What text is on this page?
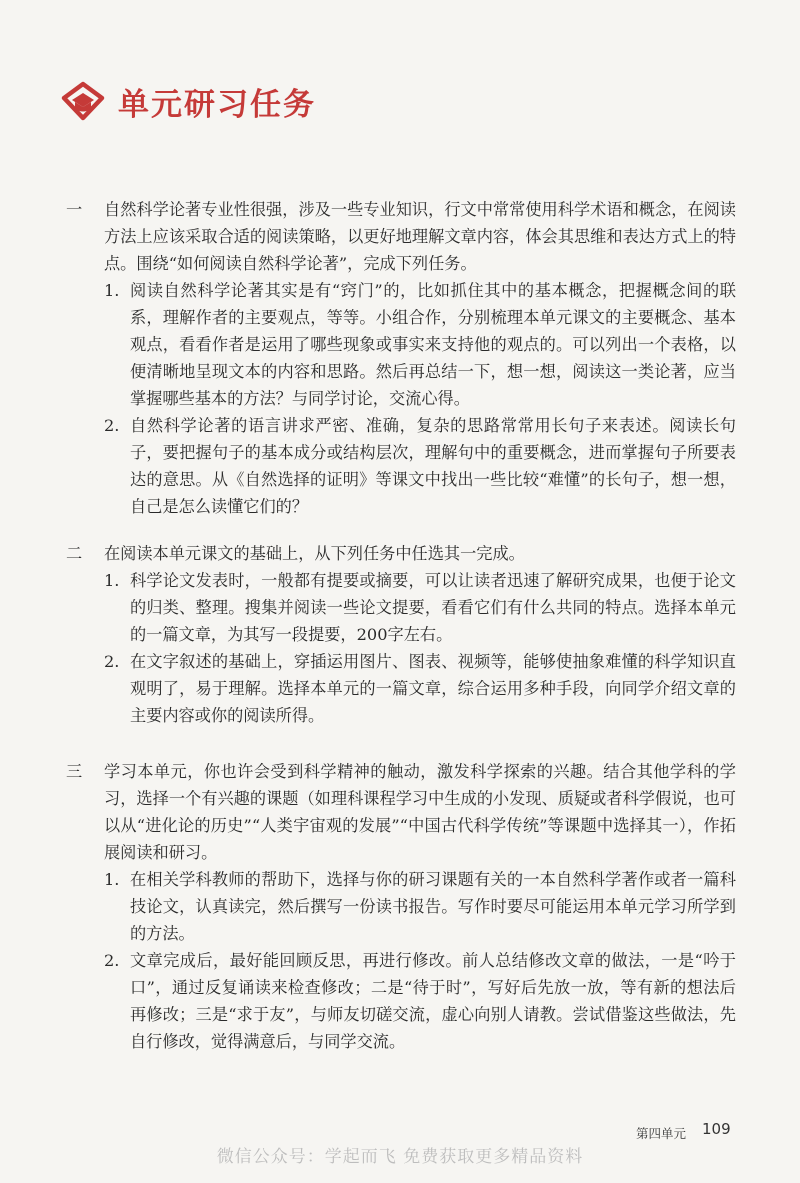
单元研习任务
一	自然科学论著专业性很强，涉及一些专业知识，行文中常常使用科学术语和概念，在阅读方法上应该采取合适的阅读策略，以更好地理解文章内容，体会其思维和表达方式上的特点。围绕“如何阅读自然科学论著”，完成下列任务。
1. 阅读自然科学论著其实是有“窍门”的，比如抓住其中的基本概念，把握概念间的联系，理解作者的主要观点，等等。小组合作，分别梳理本单元课文的主要概念、基本观点，看看作者是运用了哪些现象或事实来支持他的观点的。可以列出一个表格，以便清晰地呈现文本的内容和思路。然后再总结一下，想一想，阅读这一类论著，应当掌握哪些基本的方法？与同学讨论，交流心得。
2. 自然科学论著的语言讲求严密、准确，复杂的思路常常用长句子来表述。阅读长句子，要把握句子的基本成分或结构层次，理解句中的重要概念，进而掌握句子所要表达的意思。从《自然选择的证明》等课文中找出一些比较“难懂”的长句子，想一想，自己是怎么读懂它们的？
二	在阅读本单元课文的基础上，从下列任务中任选其一完成。
1. 科学论文发表时，一般都有提要或摘要，可以让读者迅速了解研究成果，也便于论文的归类、整理。搜集并阅读一些论文提要，看看它们有什么共同的特点。选择本单元的一篇文章，为其写一段提要，200字左右。
2. 在文字叙述的基础上，穿插运用图片、图表、视频等，能够使抽象难懂的科学知识直观明了，易于理解。选择本单元的一篇文章，综合运用多种手段，向同学介绍文章的主要内容或你的阅读所得。
三	学习本单元，你也许会受到科学精神的触动，激发科学探索的兴趣。结合其他学科的学习，选择一个有兴趣的课题（如理科课程学习中生成的小发现、质疑或者科学假说，也可以从“进化论的历史”“人类宇宙观的发展”“中国古代科学传统”等课题中选择其一），作拓展阅读和研习。
1. 在相关学科教师的帮助下，选择与你的研习课题有关的一本自然科学著作或者一篇科技论文，认真读完，然后撰写一份读书报告。写作时要尽可能运用本单元学习所学到的方法。
2. 文章完成后，最好能回顾反思，再进行修改。前人总结修改文章的做法，一是“吟于口”，通过反复诵读来检查修改；二是“待于时”，写好后先放一放，等有新的想法后再修改；三是“求于友”，与师友切磋交流，虚心向别人请教。尝试借鉴这些做法，先自行修改，觉得满意后，与同学交流。
第四单元 109
微信公众号：学起而飞 免费获取更多精品资料
